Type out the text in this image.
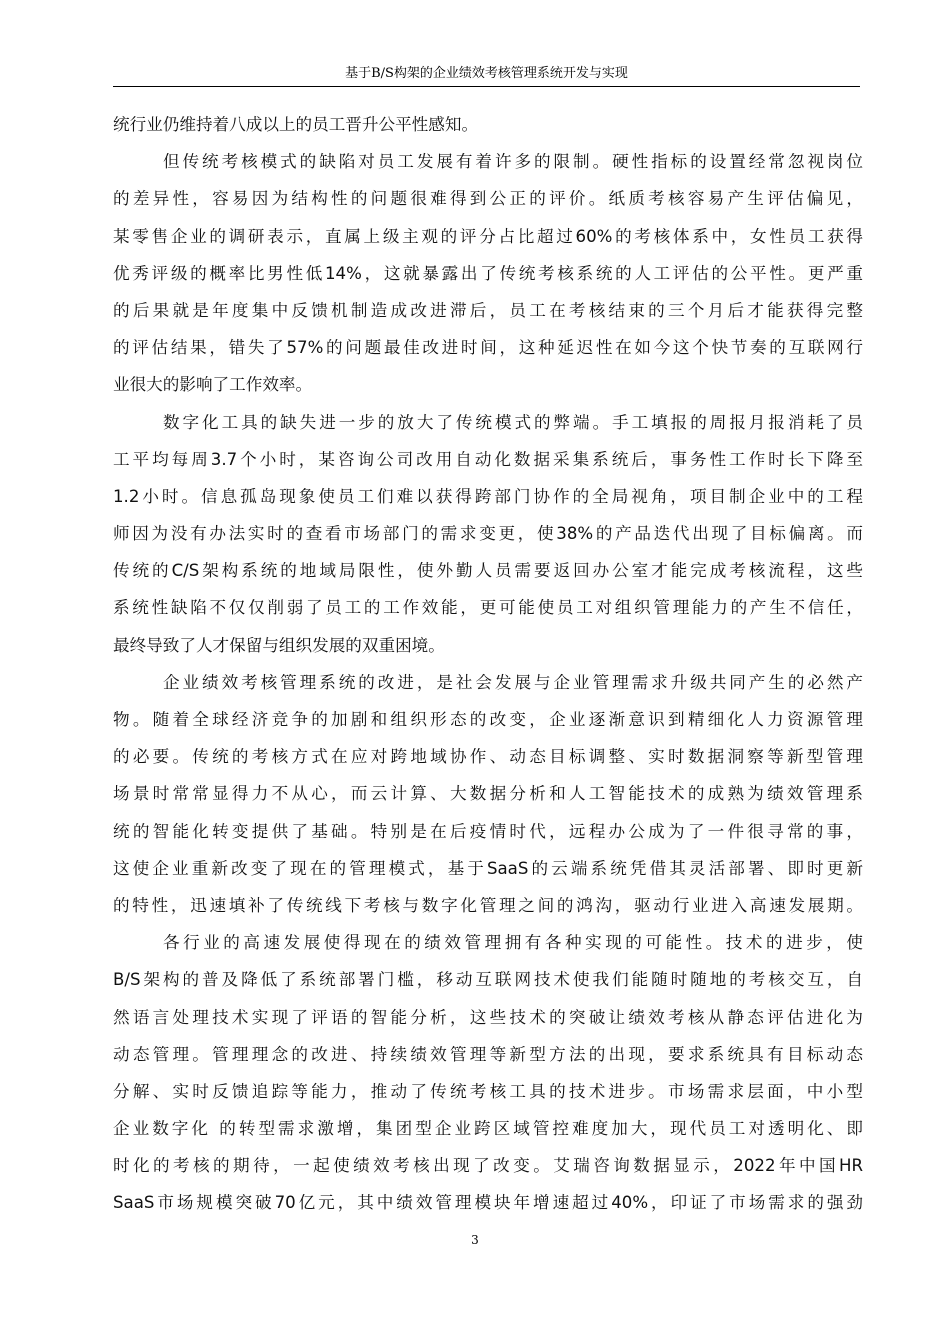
基于B/S构架的企业绩效考核管理系统开发与实现
统行业仍维持着八成以上的员工晋升公平性感知。
但传统考核模式的缺陷对员工发展有着许多的限制。硬性指标的设置经常忽视岗位
的差异性，容易因为结构性的问题很难得到公正的评价。纸质考核容易产生评估偏见，
某零售企业的调研表示，直属上级主观的评分占比超过60%的考核体系中，女性员工获得
优秀评级的概率比男性低14%，这就暴露出了传统考核系统的人工评估的公平性。更严重
的后果就是年度集中反馈机制造成改进滞后，员工在考核结束的三个月后才能获得完整
的评估结果，错失了57%的问题最佳改进时间，这种延迟性在如今这个快节奏的互联网行
业很大的影响了工作效率。
数字化工具的缺失进一步的放大了传统模式的弊端。手工填报的周报月报消耗了员
工平均每周3.7个小时，某咨询公司改用自动化数据采集系统后，事务性工作时长下降至
1.2小时。信息孤岛现象使员工们难以获得跨部门协作的全局视角，项目制企业中的工程
师因为没有办法实时的查看市场部门的需求变更，使38%的产品迭代出现了目标偏离。而
传统的C/S架构系统的地域局限性，使外勤人员需要返回办公室才能完成考核流程，这些
系统性缺陷不仅仅削弱了员工的工作效能，更可能使员工对组织管理能力的产生不信任，
最终导致了人才保留与组织发展的双重困境。
企业绩效考核管理系统的改进，是社会发展与企业管理需求升级共同产生的必然产
物。随着全球经济竞争的加剧和组织形态的改变，企业逐渐意识到精细化人力资源管理
的必要。传统的考核方式在应对跨地域协作、动态目标调整、实时数据洞察等新型管理
场景时常常显得力不从心，而云计算、大数据分析和人工智能技术的成熟为绩效管理系
统的智能化转变提供了基础。特别是在后疫情时代，远程办公成为了一件很寻常的事，
这使企业重新改变了现在的管理模式，基于SaaS的云端系统凭借其灵活部署、即时更新
的特性，迅速填补了传统线下考核与数字化管理之间的鸿沟，驱动行业进入高速发展期。
各行业的高速发展使得现在的绩效管理拥有各种实现的可能性。技术的进步，使
B/S架构的普及降低了系统部署门槛，移动互联网技术使我们能随时随地的考核交互，自
然语言处理技术实现了评语的智能分析，这些技术的突破让绩效考核从静态评估进化为
动态管理。管理理念的改进、持续绩效管理等新型方法的出现，要求系统具有目标动态
分解、实时反馈追踪等能力，推动了传统考核工具的技术进步。市场需求层面，中小型
企业数字化 的转型需求激增，集团型企业跨区域管控难度加大，现代员工对透明化、即
时化的考核的期待，一起使绩效考核出现了改变。艾瑞咨询数据显示，2022年中国HR
SaaS市场规模突破70亿元，其中绩效管理模块年增速超过40%，印证了市场需求的强劲
3
